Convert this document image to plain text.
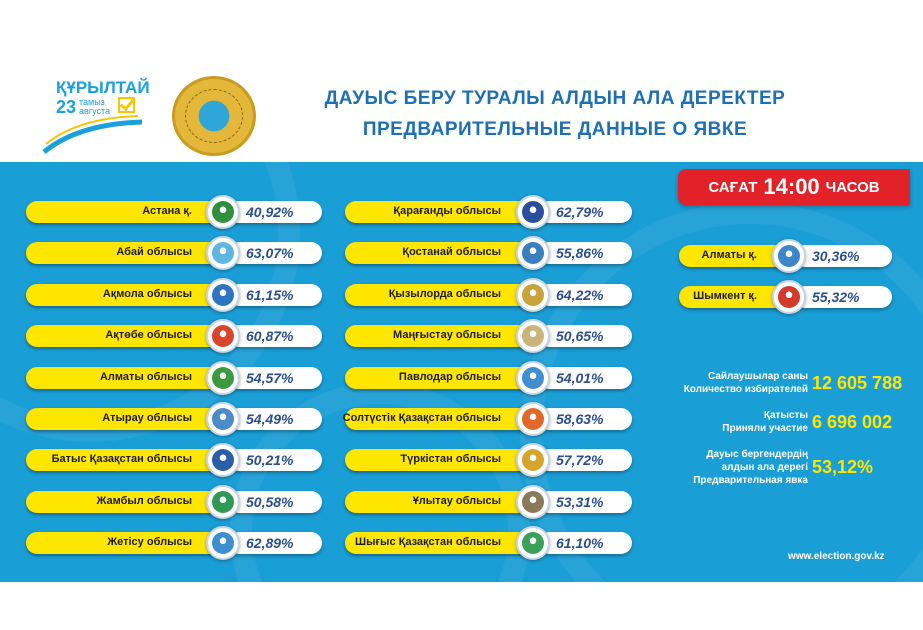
ҚҰРЫЛТАЙ
23 тамыз августа
ДАУЫС БЕРУ ТУРАЛЫ АЛДЫН АЛА ДЕРЕКТЕР
ПРЕДВАРИТЕЛЬНЫЕ ДАННЫЕ О ЯВКЕ
САҒАТ 14:00 ЧАСОВ
Астана қ.	40,92%
Абай облысы	63,07%
Ақмола облысы	61,15%
Ақтөбе облысы	60,87%
Алматы облысы	54,57%
Атырау облысы	54,49%
Батыс Қазақстан облысы	50,21%
Жамбыл облысы	50,58%
Жетісу облысы	62,89%
Қарағанды облысы	62,79%
Қостанай облысы	55,86%
Қызылорда облысы	64,22%
Маңғыстау облысы	50,65%
Павлодар облысы	54,01%
Солтүстік Қазақстан облысы	58,63%
Түркістан облысы	57,72%
Ұлытау облысы	53,31%
Шығыс Қазақстан облысы	61,10%
Алматы қ.	30,36%
Шымкент қ.	55,32%
Сайлаушылар саны
Количество избирателей 12 605 788
Қатысты
Приняли участие 6 696 002
Дауыс бергендердің
алдын ала дерегі
Предварительная явка
53,12%
www.election.gov.kz
